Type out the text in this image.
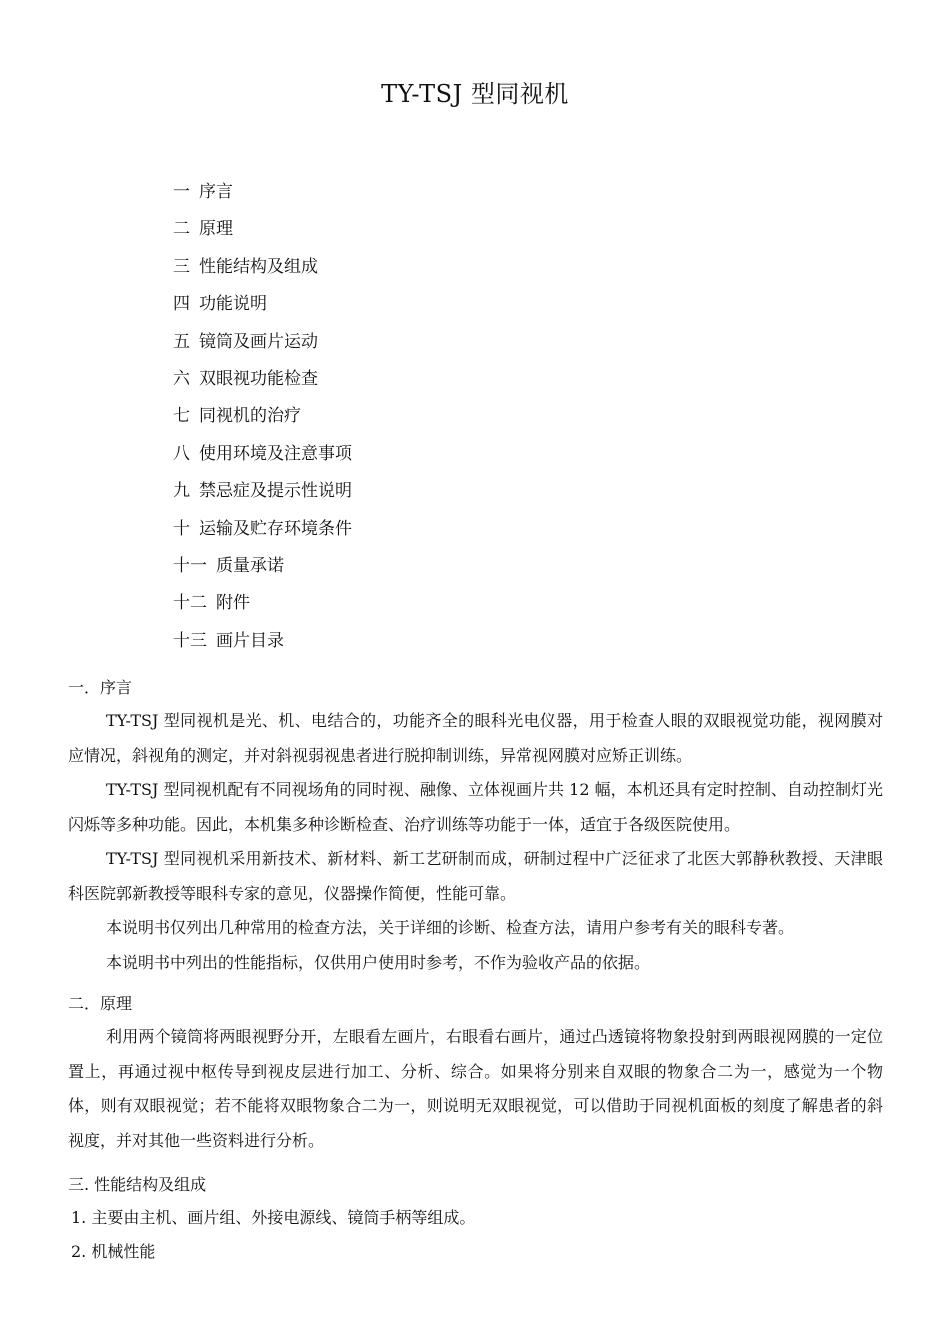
TY-TSJ 型同视机
一 序言
二 原理
三 性能结构及组成
四 功能说明
五 镜筒及画片运动
六 双眼视功能检查
七 同视机的治疗
八 使用环境及注意事项
九 禁忌症及提示性说明
十 运输及贮存环境条件
十一 质量承诺
十二 附件
十三 画片目录
一．序言

TY-TSJ 型同视机是光、机、电结合的，功能齐全的眼科光电仪器，用于检查人眼的双眼视觉功能，视网膜对应情况，斜视角的测定，并对斜视弱视患者进行脱抑制训练，异常视网膜对应矫正训练。

TY-TSJ 型同视机配有不同视场角的同时视、融像、立体视画片共 12 幅，本机还具有定时控制、自动控制灯光闪烁等多种功能。因此，本机集多种诊断检查、治疗训练等功能于一体，适宜于各级医院使用。

TY-TSJ 型同视机采用新技术、新材料、新工艺研制而成，研制过程中广泛征求了北医大郭静秋教授、天津眼科医院郭新教授等眼科专家的意见，仪器操作简便，性能可靠。

本说明书仅列出几种常用的检查方法，关于详细的诊断、检查方法，请用户参考有关的眼科专著。

本说明书中列出的性能指标，仅供用户使用时参考，不作为验收产品的依据。

二．原理

利用两个镜筒将两眼视野分开，左眼看左画片，右眼看右画片，通过凸透镜将物象投射到两眼视网膜的一定位置上，再通过视中枢传导到视皮层进行加工、分析、综合。如果将分别来自双眼的物象合二为一，感觉为一个物体，则有双眼视觉；若不能将双眼物象合二为一，则说明无双眼视觉，可以借助于同视机面板的刻度了解患者的斜视度，并对其他一些资料进行分析。

三. 性能结构及组成
1. 主要由主机、画片组、外接电源线、镜筒手柄等组成。
2. 机械性能
